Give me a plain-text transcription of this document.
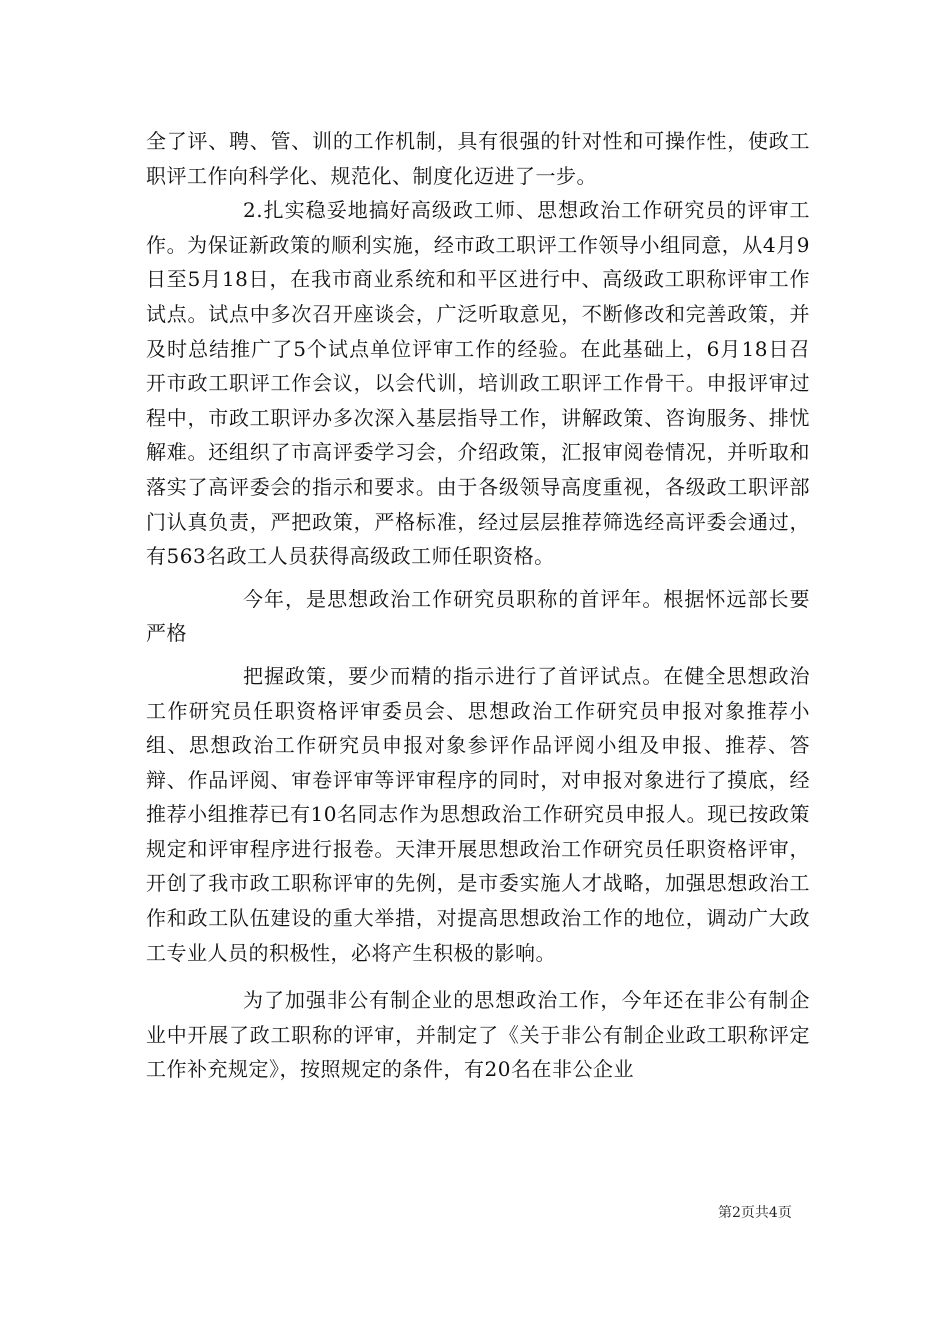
全了评、聘、管、训的工作机制，具有很强的针对性和可操作性，使政工职评工作向科学化、规范化、制度化迈进了一步。

2.扎实稳妥地搞好高级政工师、思想政治工作研究员的评审工作。为保证新政策的顺利实施，经市政工职评工作领导小组同意，从4月9日至5月18日，在我市商业系统和和平区进行中、高级政工职称评审工作试点。试点中多次召开座谈会，广泛听取意见，不断修改和完善政策，并及时总结推广了5个试点单位评审工作的经验。在此基础上，6月18日召开市政工职评工作会议，以会代训，培训政工职评工作骨干。申报评审过程中，市政工职评办多次深入基层指导工作，讲解政策、咨询服务、排忧解难。还组织了市高评委学习会，介绍政策，汇报审阅卷情况，并听取和落实了高评委会的指示和要求。由于各级领导高度重视，各级政工职评部门认真负责，严把政策，严格标准，经过层层推荐筛选经高评委会通过，有563名政工人员获得高级政工师任职资格。

今年，是思想政治工作研究员职称的首评年。根据怀远部长要严格

把握政策，要少而精的指示进行了首评试点。在健全思想政治工作研究员任职资格评审委员会、思想政治工作研究员申报对象推荐小组、思想政治工作研究员申报对象参评作品评阅小组及申报、推荐、答辩、作品评阅、审卷评审等评审程序的同时，对申报对象进行了摸底，经推荐小组推荐已有10名同志作为思想政治工作研究员申报人。现已按政策规定和评审程序进行报卷。天津开展思想政治工作研究员任职资格评审，开创了我市政工职称评审的先例，是市委实施人才战略，加强思想政治工作和政工队伍建设的重大举措，对提高思想政治工作的地位，调动广大政工专业人员的积极性，必将产生积极的影响。

为了加强非公有制企业的思想政治工作，今年还在非公有制企业中开展了政工职称的评审，并制定了《关于非公有制企业政工职称评定工作补充规定》，按照规定的条件，有20名在非公企业

第2页共4页
